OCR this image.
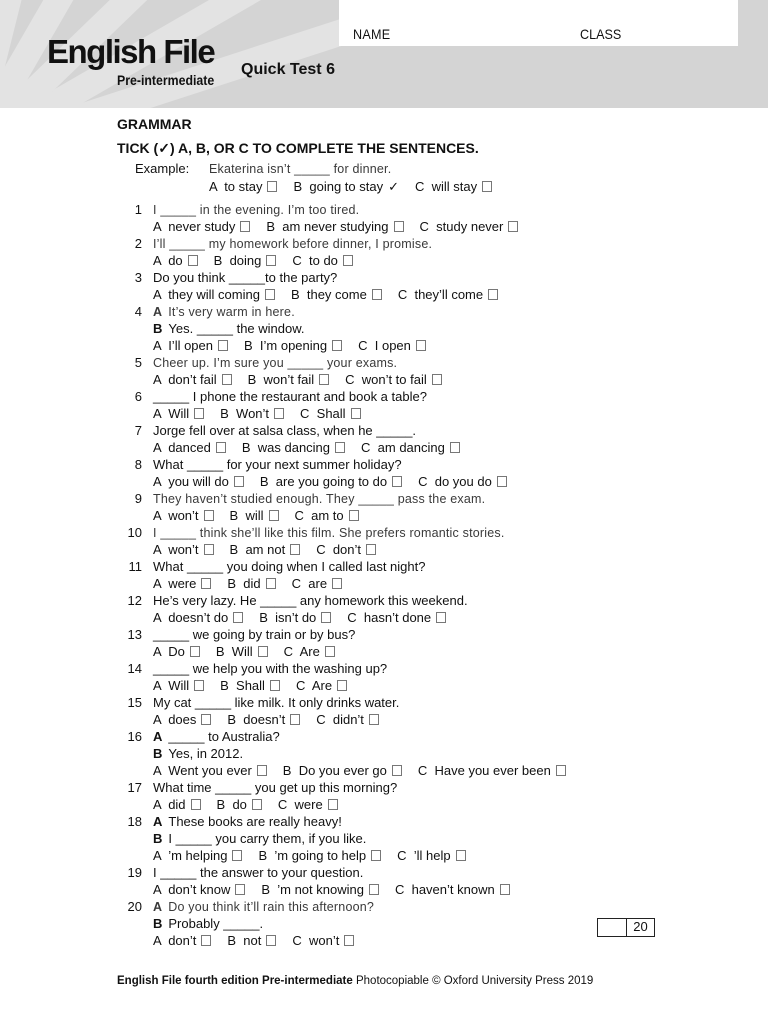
NAME	CLASS
English File
Pre-intermediate
Quick Test 6
GRAMMAR
TICK (✓) A, B, OR C TO COMPLETE THE SENTENCES.
Example: Ekaterina isn’t _____ for dinner.
A  to stay B  going to stay ✓ C  will stay
1 I _____ in the evening. I’m too tired.
A  never study B  am never studying C  study never
2 I’ll _____ my homework before dinner, I promise.
A  do B  doing C  to do
3 Do you think _____to the party?
A  they will coming B  they come C  they’ll come
4 A It’s very warm in here.
B Yes. _____ the window.
A  I’ll open B  I’m opening C  I open
5 Cheer up. I’m sure you _____ your exams.
A  don’t fail B  won’t fail C  won’t to fail
6 _____ I phone the restaurant and book a table?
A  Will B  Won’t C  Shall
7 Jorge fell over at salsa class, when he _____.
A  danced B  was dancing C  am dancing
8 What _____ for your next summer holiday?
A  you will do B  are you going to do C  do you do
9 They haven’t studied enough. They _____ pass the exam.
A  won’t B  will C  am to
10 I _____ think she’ll like this film. She prefers romantic stories.
A  won’t B  am not C  don’t
11 What _____ you doing when I called last night?
A  were B  did C  are
12 He’s very lazy. He _____ any homework this weekend.
A  doesn’t do B  isn’t do C  hasn’t done
13 _____ we going by train or by bus?
A  Do B  Will C  Are
14 _____ we help you with the washing up?
A  Will B  Shall C  Are
15 My cat _____ like milk. It only drinks water.
A  does B  doesn’t C  didn’t
16 A _____ to Australia?
B Yes, in 2012.
A  Went you ever B  Do you ever go C  Have you ever been
17 What time _____ you get up this morning?
A  did B  do C  were
18 A These books are really heavy!
B I _____ you carry them, if you like.
A  ’m helping B  ’m going to help C  ’ll help
19 I _____ the answer to your question.
A  don’t know B  ’m not knowing C  haven’t known
20 A Do you think it’ll rain this afternoon?
B Probably _____.
A  don’t B  not C  won’t
20
English File fourth edition Pre-intermediate Photocopiable © Oxford University Press 2019
